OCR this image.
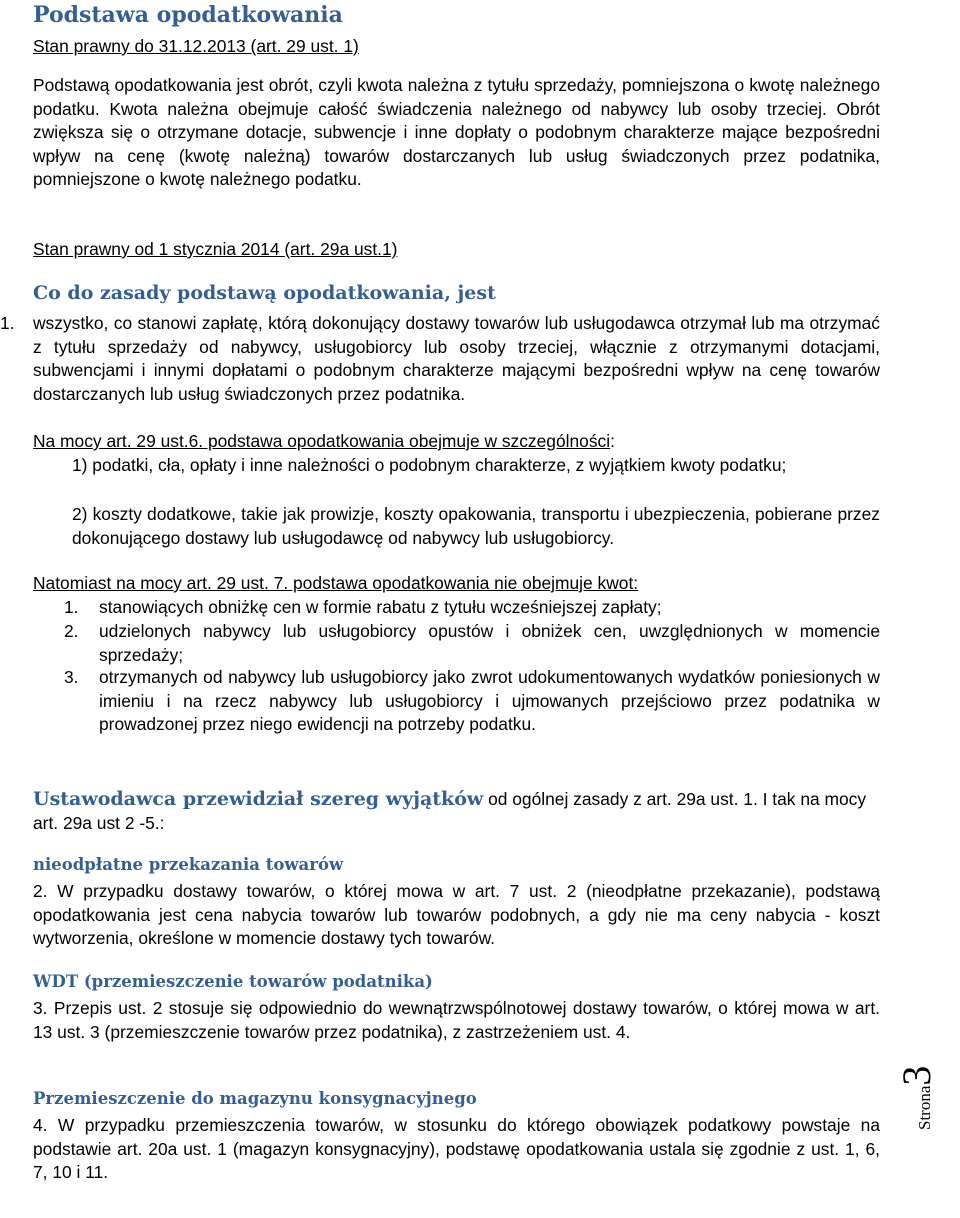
Podstawa opodatkowania
Stan prawny do 31.12.2013 (art. 29 ust. 1)

Podstawą opodatkowania jest obrót, czyli kwota należna z tytułu sprzedaży, pomniejszona o kwotę należnego podatku. Kwota należna obejmuje całość świadczenia należnego od nabywcy lub osoby trzeciej. Obrót zwiększa się o otrzymane dotacje, subwencje i inne dopłaty o podobnym charakterze mające bezpośredni wpływ na cenę (kwotę należną) towarów dostarczanych lub usług świadczonych przez podatnika, pomniejszone o kwotę należnego podatku.

Stan prawny od 1 stycznia 2014 (art. 29a ust.1)
Co do zasady podstawą opodatkowania, jest
1. wszystko, co stanowi zapłatę, którą dokonujący dostawy towarów lub usługodawca otrzymał lub ma otrzymać z tytułu sprzedaży od nabywcy, usługobiorcy lub osoby trzeciej, włącznie z otrzymanymi dotacjami, subwencjami i innymi dopłatami o podobnym charakterze mającymi bezpośredni wpływ na cenę towarów dostarczanych lub usług świadczonych przez podatnika.

Na mocy art. 29 ust.6. podstawa opodatkowania obejmuje w szczególności:

1) podatki, cła, opłaty i inne należności o podobnym charakterze, z wyjątkiem kwoty podatku;

2) koszty dodatkowe, takie jak prowizje, koszty opakowania, transportu i ubezpieczenia, pobierane przez dokonującego dostawy lub usługodawcę od nabywcy lub usługobiorcy.

Natomiast na mocy art. 29 ust. 7. podstawa opodatkowania nie obejmuje kwot:
1. stanowiących obniżkę cen w formie rabatu z tytułu wcześniejszej zapłaty;

2. udzielonych nabywcy lub usługobiorcy opustów i obniżek cen, uwzględnionych w momencie sprzedaży;

3. otrzymanych od nabywcy lub usługobiorcy jako zwrot udokumentowanych wydatków poniesionych w imieniu i na rzecz nabywcy lub usługobiorcy i ujmowanych przejściowo przez podatnika w prowadzonej przez niego ewidencji na potrzeby podatku.

Ustawodawca przewidział szereg wyjątków od ogólnej zasady z art. 29a ust. 1. I tak na mocy art. 29a ust 2 -5.:

nieodpłatne przekazania towarów

2. W przypadku dostawy towarów, o której mowa w art. 7 ust. 2 (nieodpłatne przekazanie), podstawą opodatkowania jest cena nabycia towarów lub towarów podobnych, a gdy nie ma ceny nabycia - koszt wytworzenia, określone w momencie dostawy tych towarów.

WDT (przemieszczenie towarów podatnika)

3. Przepis ust. 2 stosuje się odpowiednio do wewnątrzwspólnotowej dostawy towarów, o której mowa w art. 13 ust. 3 (przemieszczenie towarów przez podatnika), z zastrzeżeniem ust. 4.

Przemieszczenie do magazynu konsygnacyjnego

4. W przypadku przemieszczenia towarów, w stosunku do którego obowiązek podatkowy powstaje na podstawie art. 20a ust. 1 (magazyn konsygnacyjny), podstawę opodatkowania ustala się zgodnie z ust. 1, 6, 7, 10 i 11.

Strona3
